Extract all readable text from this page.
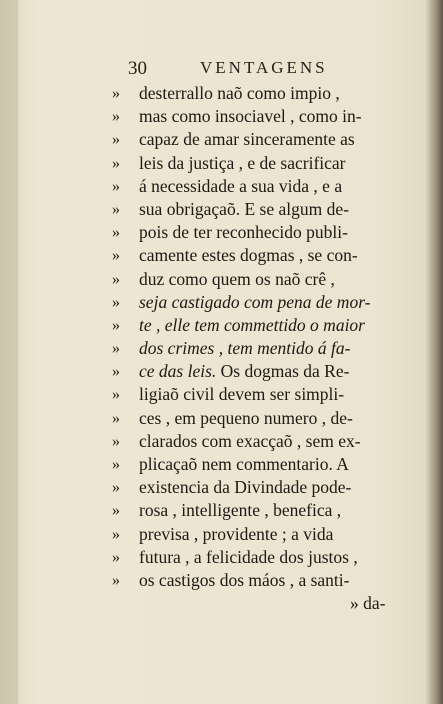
30	VENTAGENS
»	desterrallo naõ como impio ,
»	mas como insociavel , como in-
»	capaz de amar sinceramente as
»	leis da justiça , e de sacrificar
»	á necessidade a sua vida , e a
»	sua obrigaçaõ. E se algum de-
»	pois de ter reconhecido publi-
»	camente estes dogmas , se con-
»	duz como quem os naõ crê ,
»	seja castigado com pena de mor-
»	te , elle tem commettido o maior
»	dos crimes , tem mentido á fa-
»	ce das leis. Os dogmas da Re-
»	ligiaõ civil devem ser simpli-
»	ces , em pequeno numero , de-
»	clarados com exacçaõ , sem ex-
»	plicaçaõ nem commentario. A
»	existencia da Divindade pode-
»	rosa , intelligente , benefica ,
»	previsa , providente ; a vida
»	futura , a felicidade dos justos ,
»	os castigos dos máos , a santi-
» da-
